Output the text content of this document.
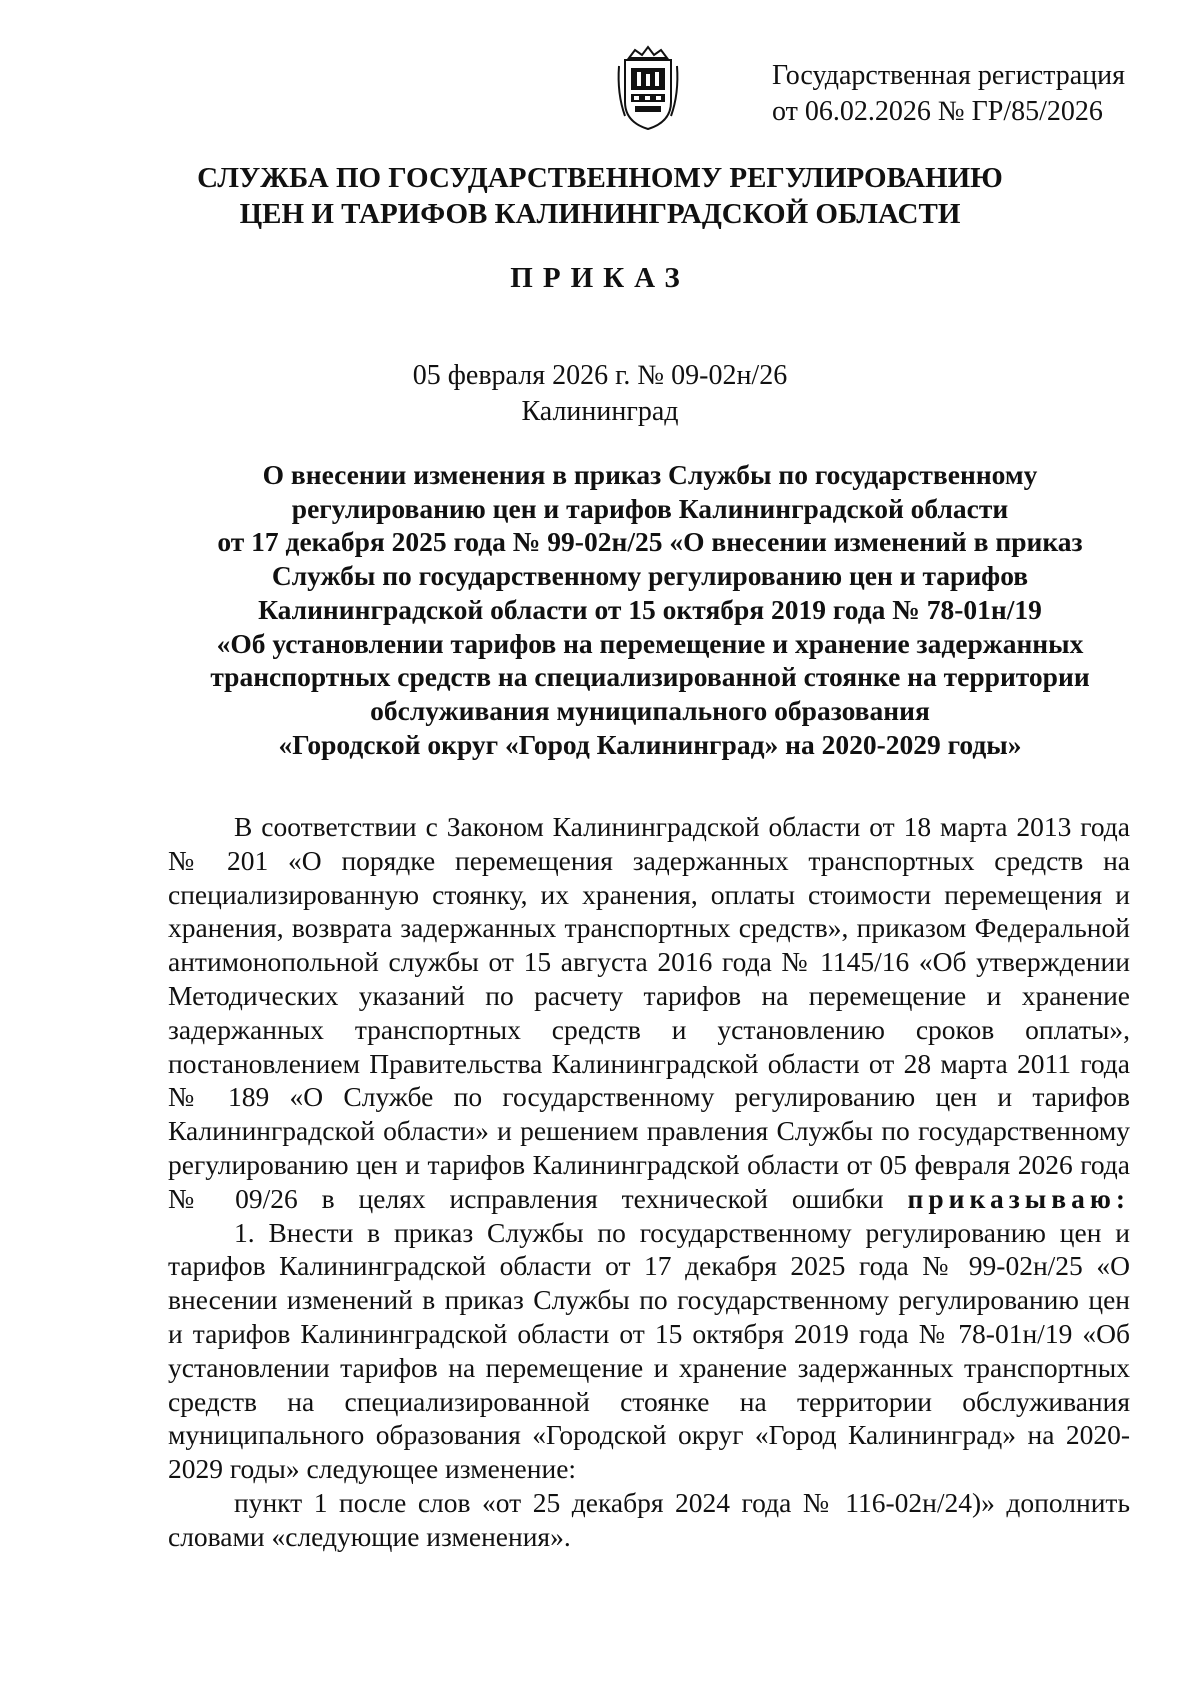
Государственная регистрация
от 06.02.2026 № ГР/85/2026
СЛУЖБА ПО ГОСУДАРСТВЕННОМУ РЕГУЛИРОВАНИЮ
ЦЕН И ТАРИФОВ КАЛИНИНГРАДСКОЙ ОБЛАСТИ
ПРИКАЗ
05 февраля 2026 г. № 09-02н/26
Калининград
О внесении изменения в приказ Службы по государственному
регулированию цен и тарифов Калининградской области
от 17 декабря 2025 года № 99-02н/25 «О внесении изменений в приказ
Службы по государственному регулированию цен и тарифов
Калининградской области от 15 октября 2019 года № 78-01н/19
«Об установлении тарифов на перемещение и хранение задержанных
транспортных средств на специализированной стоянке на территории
обслуживания муниципального образования
«Городской округ «Город Калининград» на 2020-2029 годы»

В соответствии с Законом Калининградской области от 18 марта 2013 года № 201 «О порядке перемещения задержанных транспортных средств на специализированную стоянку, их хранения, оплаты стоимости перемещения и хранения, возврата задержанных транспортных средств», приказом Федеральной антимонопольной службы от 15 августа 2016 года № 1145/16 «Об утверждении Методических указаний по расчету тарифов на перемещение и хранение задержанных транспортных средств и установлению сроков оплаты», постановлением Правительства Калининградской области от 28 марта 2011 года № 189 «О Службе по государственному регулированию цен и тарифов Калининградской области» и решением правления Службы по государственному регулированию цен и тарифов Калининградской области от 05 февраля 2026 года № 09/26 в целях исправления технической ошибки приказываю:

1. Внести в приказ Службы по государственному регулированию цен и тарифов Калининградской области от 17 декабря 2025 года № 99-02н/25 «О внесении изменений в приказ Службы по государственному регулированию цен и тарифов Калининградской области от 15 октября 2019 года № 78-01н/19 «Об установлении тарифов на перемещение и хранение задержанных транспортных средств на специализированной стоянке на территории обслуживания муниципального образования «Городской округ «Город Калининград» на 2020-2029 годы» следующее изменение:

пункт 1 после слов «от 25 декабря 2024 года № 116-02н/24)» дополнить словами «следующие изменения».
